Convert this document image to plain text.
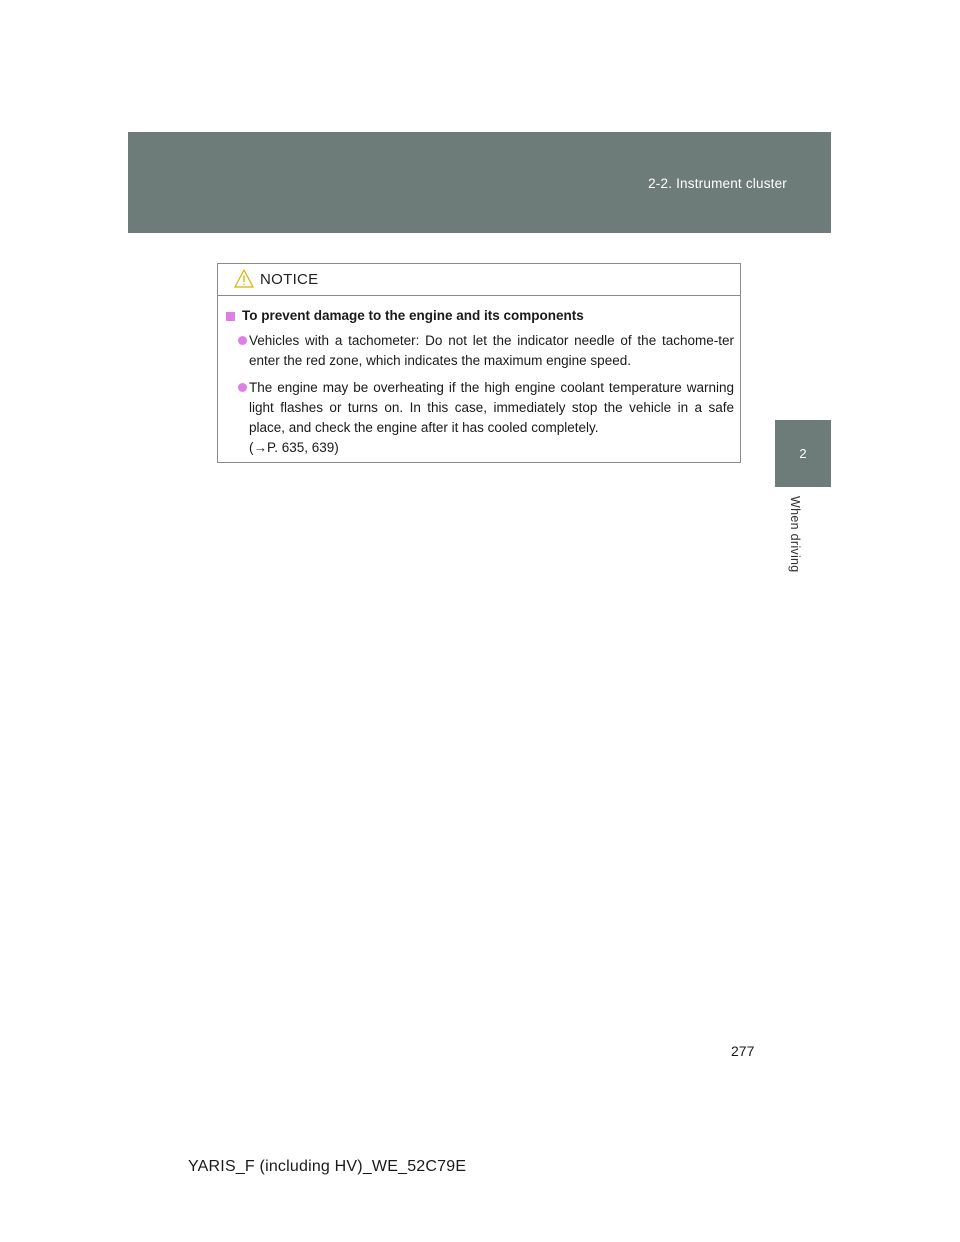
2-2. Instrument cluster
2
When driving
NOTICE
To prevent damage to the engine and its components
Vehicles with a tachometer: Do not let the indicator needle of the tachome-ter enter the red zone, which indicates the maximum engine speed.
The engine may be overheating if the high engine coolant temperature warning light flashes or turns on. In this case, immediately stop the vehicle in a safe place, and check the engine after it has cooled completely.
(→P. 635, 639)
277
YARIS_F (including HV)_WE_52C79E
